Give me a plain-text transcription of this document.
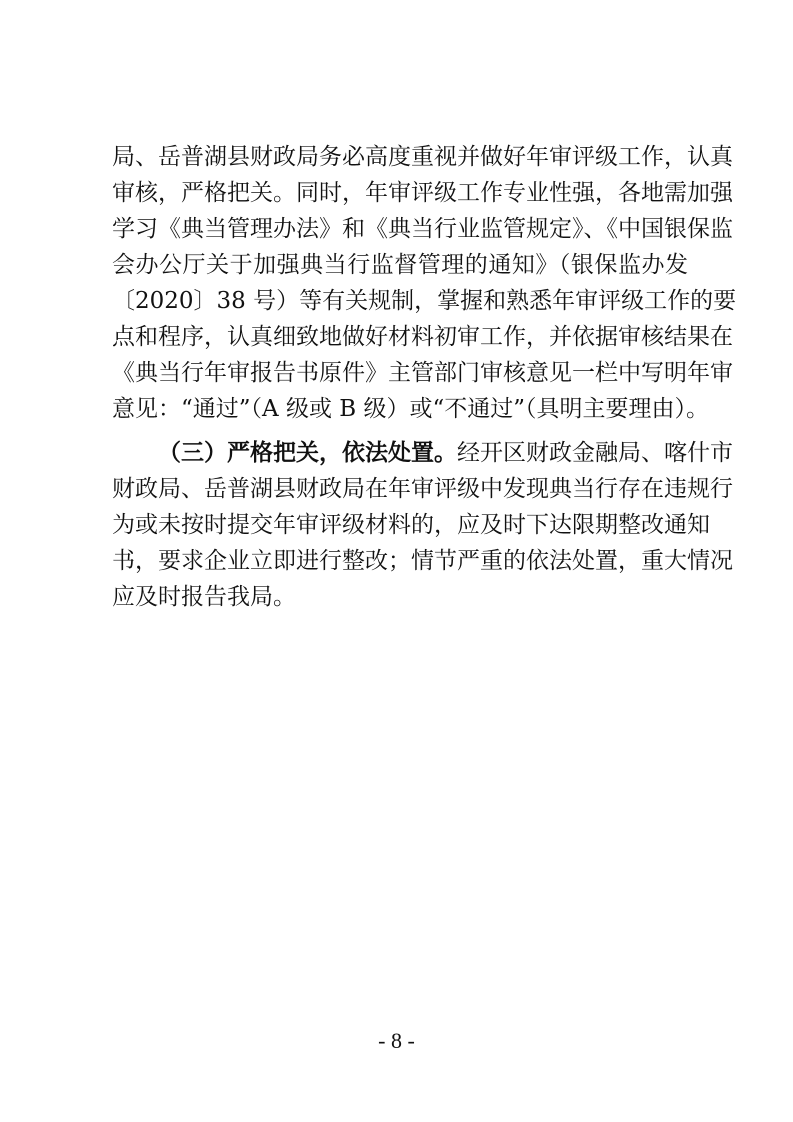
局、岳普湖县财政局务必高度重视并做好年审评级工作，认真
审核，严格把关。同时，年审评级工作专业性强，各地需加强
学习《典当管理办法》和《典当行业监管规定》、《中国银保监
会办公厅关于加强典当行监督管理的通知》（银保监办发
〔2020〕38 号）等有关规制，掌握和熟悉年审评级工作的要
点和程序，认真细致地做好材料初审工作，并依据审核结果在
《典当行年审报告书原件》主管部门审核意见一栏中写明年审
意见：“通过”（A 级或 B 级）或“不通过”（具明主要理由）。
（三）严格把关，依法处置。经开区财政金融局、喀什市
财政局、岳普湖县财政局在年审评级中发现典当行存在违规行
为或未按时提交年审评级材料的，应及时下达限期整改通知
书，要求企业立即进行整改；情节严重的依法处置，重大情况
应及时报告我局。
- 8 -
